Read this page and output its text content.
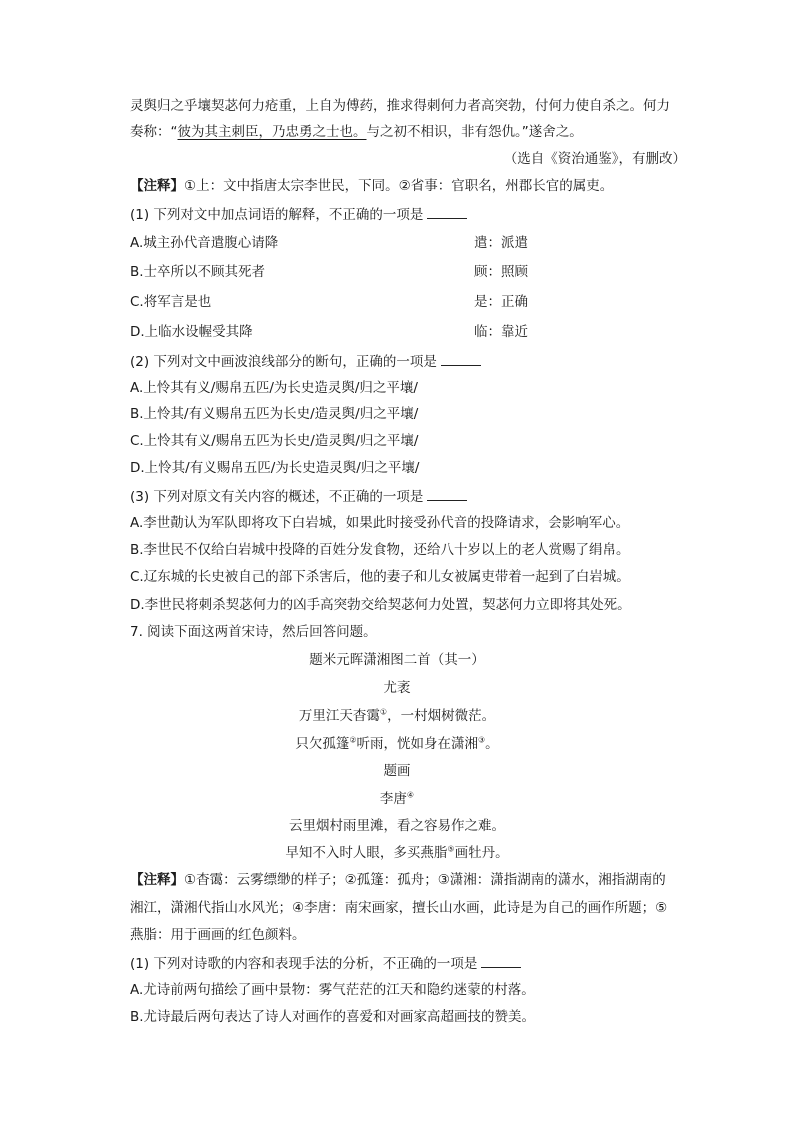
灵舆归之乎壤契苾何力疮重，上自为傅药，推求得刺何力者高突勃，付何力使自杀之。何力
奏称：“彼为其主刺臣，乃忠勇之士也。与之初不相识，非有怨仇。”遂舍之。
（选自《资治通鉴》，有删改）
【注释】①上：文中指唐太宗李世民，下同。②省事：官职名，州郡长官的属吏。
(1) 下列对文中加点词语的解释，不正确的一项是
A.城主孙代音遣腹心请降	遣：派遣
B.士卒所以不顾其死者	顾：照顾
C.将军言是也	是：正确
D.上临水设幄受其降	临：靠近
(2) 下列对文中画波浪线部分的断句，正确的一项是
A.上怜其有义/赐帛五匹/为长史造灵舆/归之平壤/
B.上怜其/有义赐帛五匹为长史/造灵舆/归之平壤/
C.上怜其有义/赐帛五匹为长史/造灵舆/归之平壤/
D.上怜其/有义赐帛五匹/为长史造灵舆/归之平壤/
(3) 下列对原文有关内容的概述，不正确的一项是
A.李世勣认为军队即将攻下白岩城，如果此时接受孙代音的投降请求，会影响军心。
B.李世民不仅给白岩城中投降的百姓分发食物，还给八十岁以上的老人赏赐了绢帛。
C.辽东城的长史被自己的部下杀害后，他的妻子和儿女被属吏带着一起到了白岩城。
D.李世民将刺杀契苾何力的凶手高突勃交给契苾何力处置，契苾何力立即将其处死。
7. 阅读下面这两首宋诗，然后回答问题。
题米元晖潇湘图二首（其一）
尤袤
万里江天杳霭①，一村烟树微茫。
只欠孤篷②听雨，恍如身在潇湘③。
题画
李唐④
云里烟村雨里滩，看之容易作之难。
早知不入时人眼，多买燕脂⑤画牡丹。
【注释】①杳霭：云雾缥缈的样子；②孤篷：孤舟；③潇湘：潇指湖南的潇水，湘指湖南的
湘江，潇湘代指山水风光；④李唐：南宋画家，擅长山水画，此诗是为自己的画作所题；⑤
燕脂：用于画画的红色颜料。
(1) 下列对诗歌的内容和表现手法的分析，不正确的一项是
A.尤诗前两句描绘了画中景物：雾气茫茫的江天和隐约迷蒙的村落。
B.尤诗最后两句表达了诗人对画作的喜爱和对画家高超画技的赞美。
